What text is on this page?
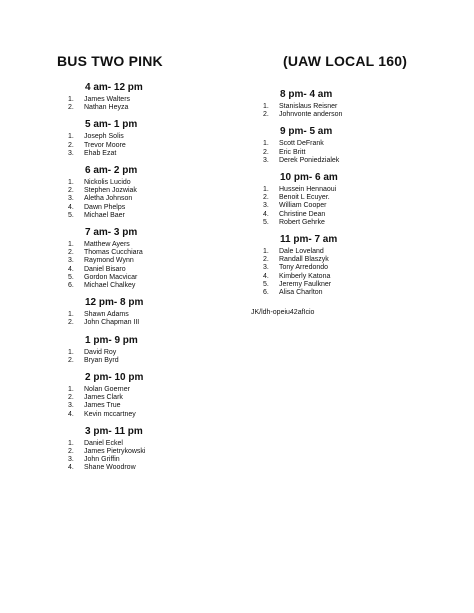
BUS TWO PINK	(UAW LOCAL 160)
4 am- 12 pm
1. James Walters
2. Nathan Heyza
5 am- 1 pm
1. Joseph Solis
2. Trevor Moore
3. Ehab Ezat
6 am- 2 pm
1. Nickolis Lucido
2. Stephen Jozwiak
3. Aletha Johnson
4. Dawn Phelps
5. Michael Baer
7 am- 3 pm
1. Matthew Ayers
2. Thomas Cucchiara
3. Raymond Wynn
4. Daniel Bisaro
5. Gordon Macvicar
6. Michael Chalkey
12 pm- 8 pm
1. Shawn Adams
2. John Chapman III
1 pm- 9 pm
1. David Roy
2. Bryan Byrd
2 pm- 10 pm
1. Nolan Goerner
2. James Clark
3. James True
4. Kevin mccartney
3 pm- 11 pm
1. Daniel Eckel
2. James Pietrykowski
3. John Griffin
4. Shane Woodrow
8 pm- 4 am
1. Stanislaus Reisner
2. Johnvonte anderson
9 pm- 5 am
1. Scott DeFrank
2. Eric Britt
3. Derek Poniedzialek
10 pm- 6 am
1. Hussein Hennaoui
2. Benoit L Ecuyer.
3. William Cooper
4. Christine Dean
5. Robert Gehrke
11 pm- 7 am
1. Dale Loveland
2. Randall Blaszyk
3. Tony Arredondo
4. Kimberly Katona
5. Jeremy Faulkner
6. Alisa Charlton
JK/ldh-opeiu42afIcio
